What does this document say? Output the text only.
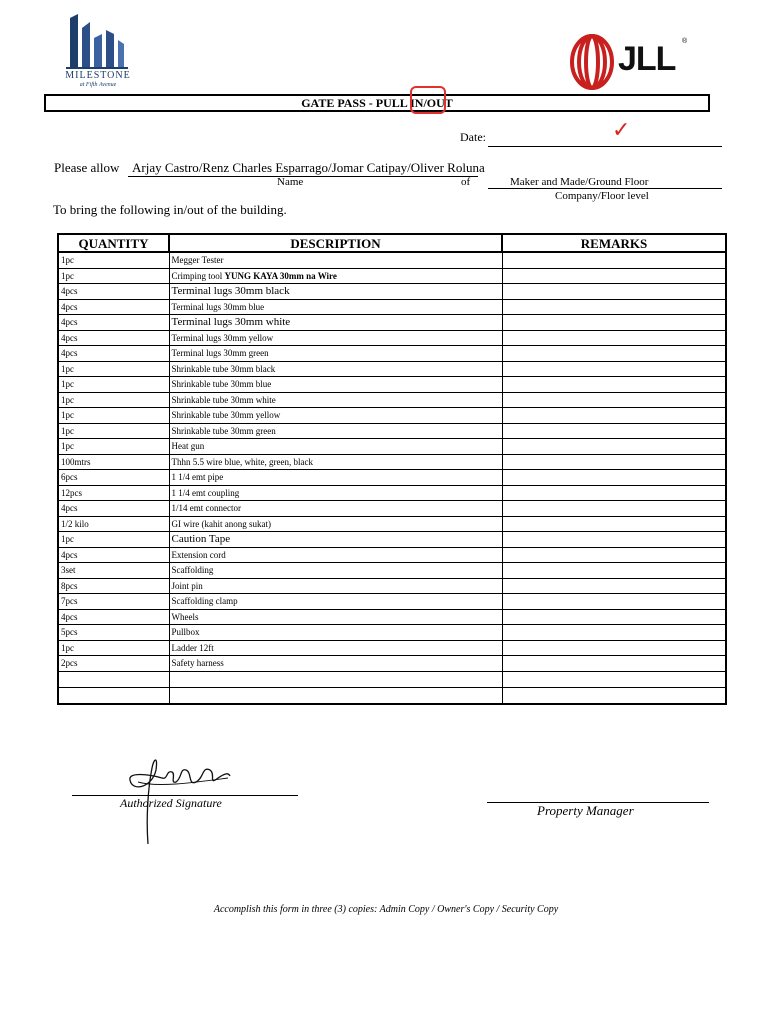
MILESTONE
at Fifth Avenue
JLL ®
GATE PASS - PULL IN/OUT
Date:	✓
Please allow Arjay Castro/Renz Charles Esparrago/Jomar Catipay/Oliver Roluna
Name	of	Maker and Made/Ground Floor
Company/Floor level
To bring the following in/out of the building.
QUANTITY	DESCRIPTION	REMARKS
1pc	Megger Tester	
1pc	Crimping tool YUNG KAYA 30mm na Wire	
4pcs	Terminal lugs 30mm black	
4pcs	Terminal lugs 30mm blue	
4pcs	Terminal lugs 30mm white	
4pcs	Terminal lugs 30mm yellow	
4pcs	Terminal lugs 30mm green	
1pc	Shrinkable tube 30mm black	
1pc	Shrinkable tube 30mm blue	
1pc	Shrinkable tube 30mm white	
1pc	Shrinkable tube 30mm yellow	
1pc	Shrinkable tube 30mm green	
1pc	Heat gun	
100mtrs	Thhn 5.5 wire blue, white, green, black	
6pcs	1 1/4 emt pipe	
12pcs	1 1/4 emt coupling	
4pcs	1/14 emt connector	
1/2 kilo	GI wire (kahit anong sukat)	
1pc	Caution Tape	
4pcs	Extension cord	
3set	Scaffolding	
8pcs	Joint pin	
7pcs	Scaffolding clamp	
4pcs	Wheels	
5pcs	Pullbox	
1pc	Ladder 12ft	
2pcs	Safety harness	

Authorized Signature	Property Manager
Accomplish this form in three (3) copies: Admin Copy / Owner's Copy / Security Copy
